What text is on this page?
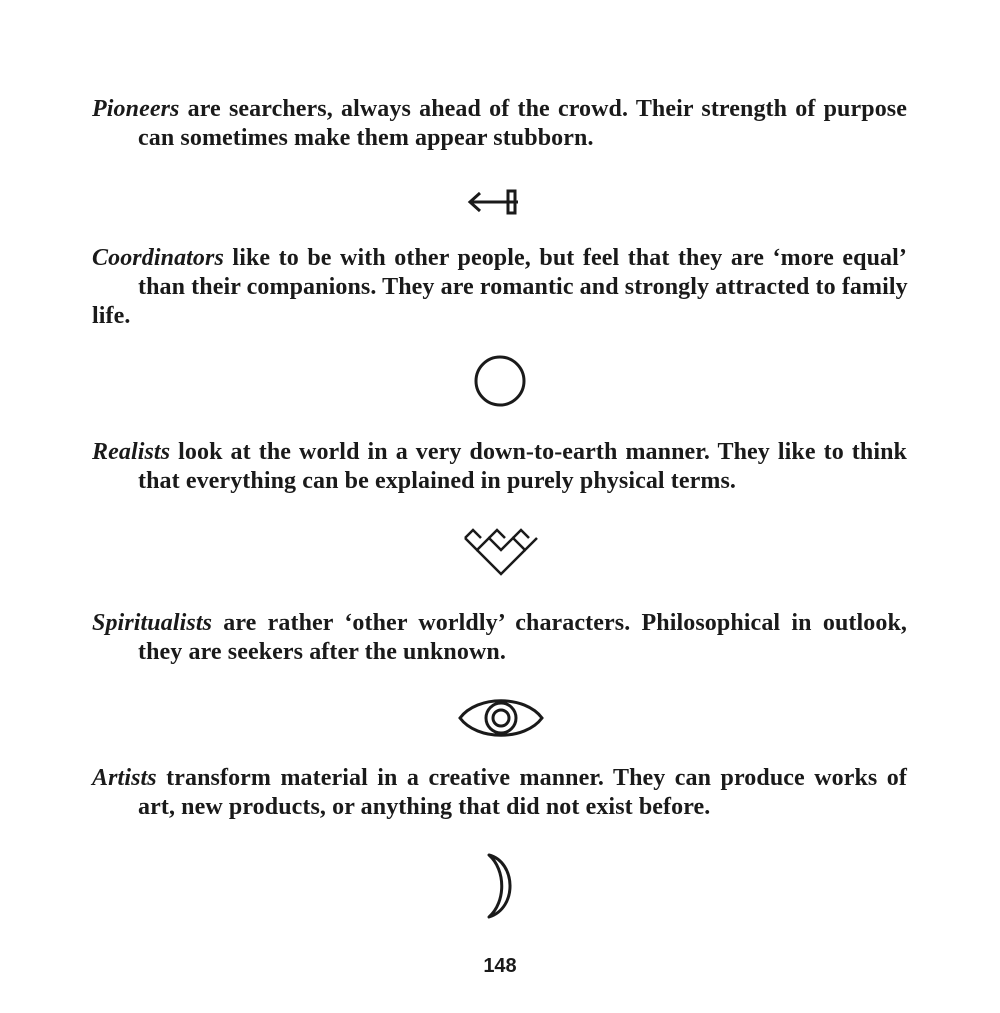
Pioneers are searchers, always ahead of the crowd. Their strength of purpose
can sometimes make them appear stubborn.
Coordinators like to be with other people, but feel that they are ‘more equal’
than their companions. They are romantic and strongly attracted to family
life.
Realists look at the world in a very down-to-earth manner. They like to think
that everything can be explained in purely physical terms.
Spiritualists are rather ‘other worldly’ characters. Philosophical in outlook,
they are seekers after the unknown.
Artists transform material in a creative manner. They can produce works of
art, new products, or anything that did not exist before.
148
